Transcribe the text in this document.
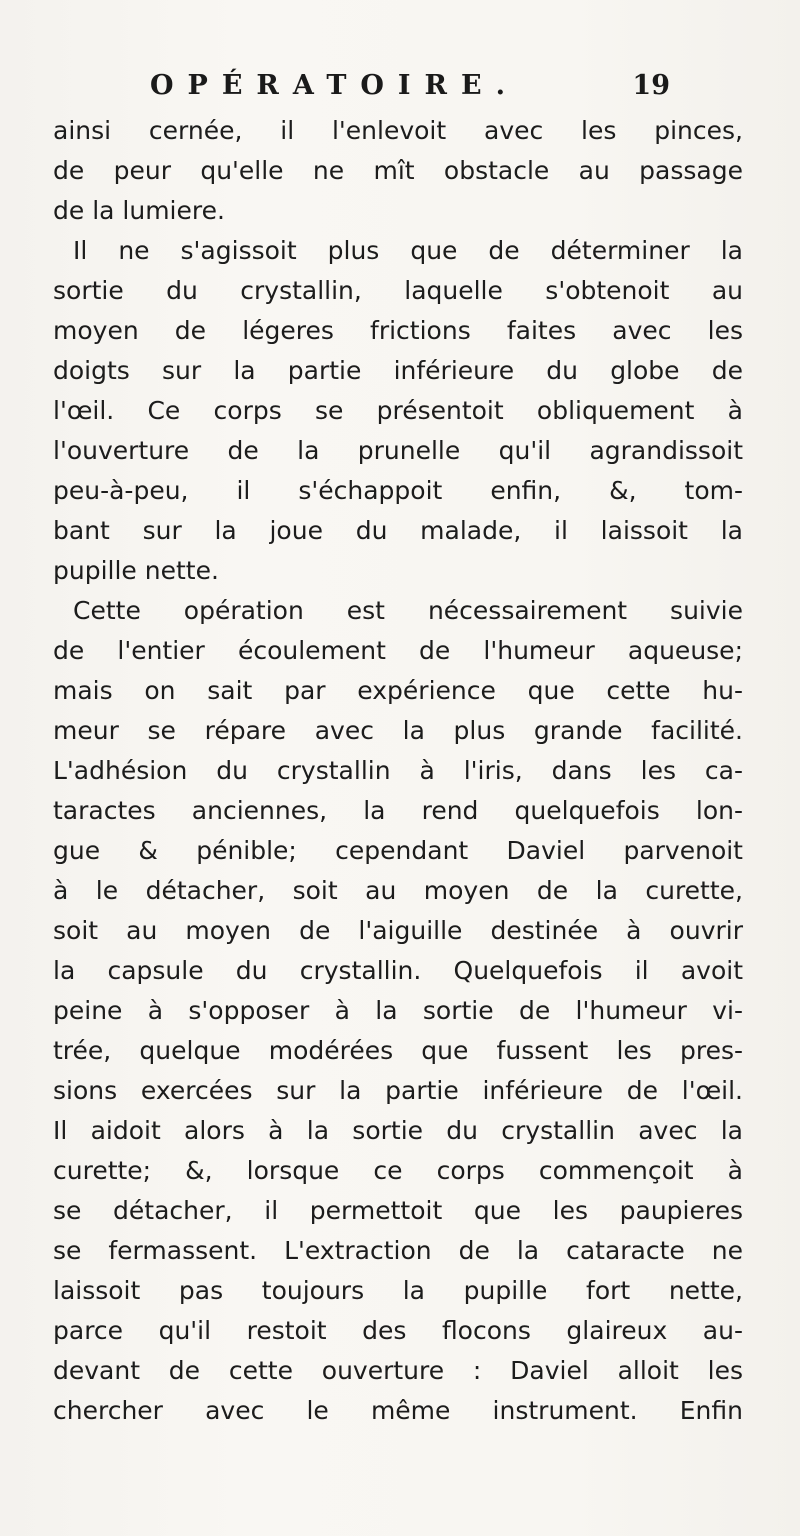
OPÉRATOIRE.	19
ainsi cernée, il l'enlevoit avec les pinces,
de peur qu'elle ne mît obstacle au passage
de la lumiere.
Il ne s'agissoit plus que de déterminer la
sortie du crystallin, laquelle s'obtenoit au
moyen de légeres frictions faites avec les
doigts sur la partie inférieure du globe de
l'œil. Ce corps se présentoit obliquement à
l'ouverture de la prunelle qu'il agrandissoit
peu-à-peu, il s'échappoit enfin, &, tom-
bant sur la joue du malade, il laissoit la
pupille nette.
Cette opération est nécessairement suivie
de l'entier écoulement de l'humeur aqueuse;
mais on sait par expérience que cette hu-
meur se répare avec la plus grande facilité.
L'adhésion du crystallin à l'iris, dans les ca-
taractes anciennes, la rend quelquefois lon-
gue & pénible; cependant Daviel parvenoit
à le détacher, soit au moyen de la curette,
soit au moyen de l'aiguille destinée à ouvrir
la capsule du crystallin. Quelquefois il avoit
peine à s'opposer à la sortie de l'humeur vi-
trée, quelque modérées que fussent les pres-
sions exercées sur la partie inférieure de l'œil.
Il aidoit alors à la sortie du crystallin avec la
curette; &, lorsque ce corps commençoit à
se détacher, il permettoit que les paupieres
se fermassent. L'extraction de la cataracte ne
laissoit pas toujours la pupille fort nette,
parce qu'il restoit des flocons glaireux au-
devant de cette ouverture : Daviel alloit les
chercher avec le même instrument. Enfin
